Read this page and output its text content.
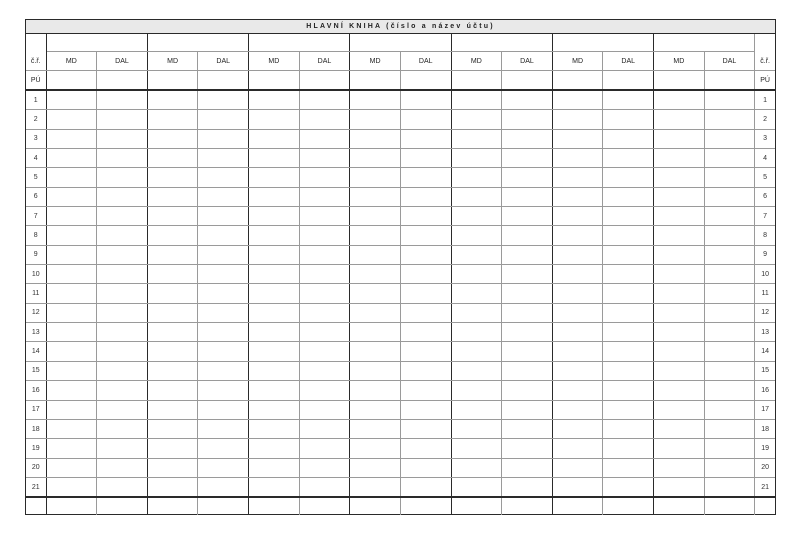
HLAVNÍ KNIHA (číslo a název účtu)

č.ř.	MD	DAL	MD	DAL	MD	DAL	MD	DAL	MD	DAL	MD	DAL	MD	DAL	č.ř.
PÚ															PÚ
1															1
2															2
3															3
4															4
5															5
6															6
7															7
8															8
9															9
10															10
11															11
12															12
13															13
14															14
15															15
16															16
17															17
18															18
19															19
20															20
21															21
